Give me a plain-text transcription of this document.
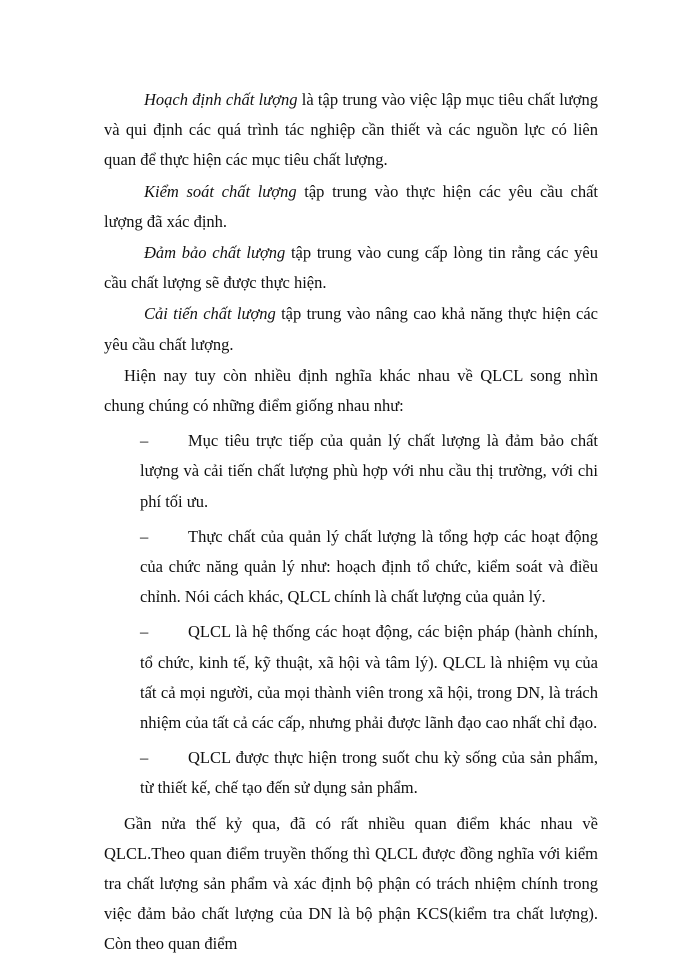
Hoạch định chất lượng là tập trung vào việc lập mục tiêu chất lượng và qui định các quá trình tác nghiệp cần thiết và các nguồn lực có liên quan để thực hiện các mục tiêu chất lượng.

Kiểm soát chất lượng tập trung vào thực hiện các yêu cầu chất lượng đã xác định.

Đảm bảo chất lượng tập trung vào cung cấp lòng tin rằng các yêu cầu chất lượng sẽ được thực hiện.

Cải tiến chất lượng tập trung vào nâng cao khả năng thực hiện các yêu cầu chất lượng.

Hiện nay tuy còn nhiều định nghĩa khác nhau về QLCL song nhìn chung chúng có những điểm giống nhau như:

– Mục tiêu trực tiếp của quản lý chất lượng là đảm bảo chất lượng và cải tiến chất lượng phù hợp với nhu cầu thị trường, với chi phí tối ưu.

– Thực chất của quản lý chất lượng là tổng hợp các hoạt động của chức năng quản lý như: hoạch định tổ chức, kiểm soát và điều chỉnh. Nói cách khác, QLCL chính là chất lượng của quản lý.

– QLCL là hệ thống các hoạt động, các biện pháp (hành chính, tổ chức, kinh tế, kỹ thuật, xã hội và tâm lý). QLCL là nhiệm vụ của tất cả mọi người, của mọi thành viên trong xã hội, trong DN, là trách nhiệm của tất cả các cấp, nhưng phải được lãnh đạo cao nhất chỉ đạo.

– QLCL được thực hiện trong suốt chu kỳ sống của sản phẩm, từ thiết kế, chế tạo đến sử dụng sản phẩm.

Gần nửa thế kỷ qua, đã có rất nhiều quan điểm khác nhau về QLCL.Theo quan điểm truyền thống thì QLCL được đồng nghĩa với kiểm tra chất lượng sản phẩm và xác định bộ phận có trách nhiệm chính trong việc đảm bảo chất lượng của DN là bộ phận KCS(kiểm tra chất lượng). Còn theo quan điểm
